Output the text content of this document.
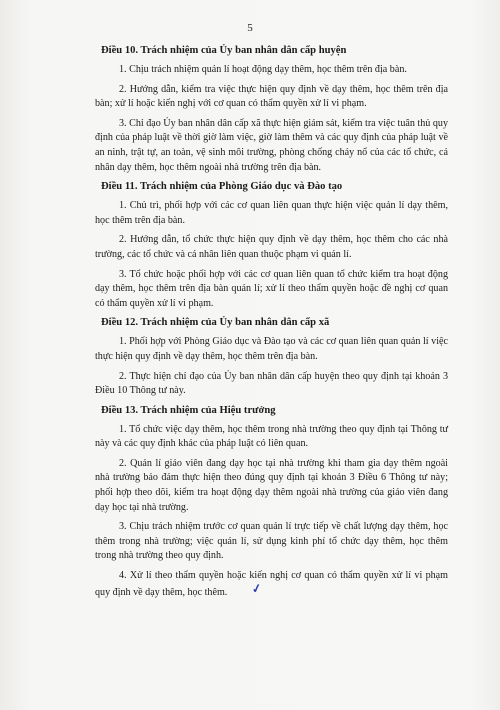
5
Điều 10. Trách nhiệm của Ủy ban nhân dân cấp huyện

1. Chịu trách nhiệm quản lí hoạt động dạy thêm, học thêm trên địa bàn.

2. Hướng dẫn, kiểm tra việc thực hiện quy định về dạy thêm, học thêm trên địa bàn; xử lí hoặc kiến nghị với cơ quan có thẩm quyền xử lí vi phạm.

3. Chỉ đạo Ủy ban nhân dân cấp xã thực hiện giám sát, kiểm tra việc tuân thủ quy định của pháp luật về thời giờ làm việc, giờ làm thêm và các quy định của pháp luật về an ninh, trật tự, an toàn, vệ sinh môi trường, phòng chống cháy nổ của các tổ chức, cá nhân dạy thêm, học thêm ngoài nhà trường trên địa bàn.

Điều 11. Trách nhiệm của Phòng Giáo dục và Đào tạo

1. Chủ trì, phối hợp với các cơ quan liên quan thực hiện việc quản lí dạy thêm, học thêm trên địa bàn.

2. Hướng dẫn, tổ chức thực hiện quy định về dạy thêm, học thêm cho các nhà trường, các tổ chức và cá nhân liên quan thuộc phạm vi quản lí.

3. Tổ chức hoặc phối hợp với các cơ quan liên quan tổ chức kiểm tra hoạt động dạy thêm, học thêm trên địa bàn quản lí; xử lí theo thẩm quyền hoặc đề nghị cơ quan có thẩm quyền xử lí vi phạm.

Điều 12. Trách nhiệm của Ủy ban nhân dân cấp xã

1. Phối hợp với Phòng Giáo dục và Đào tạo và các cơ quan liên quan quản lí việc thực hiện quy định về dạy thêm, học thêm trên địa bàn.

2. Thực hiện chỉ đạo của Ủy ban nhân dân cấp huyện theo quy định tại khoản 3 Điều 10 Thông tư này.

Điều 13. Trách nhiệm của Hiệu trưởng

1. Tổ chức việc dạy thêm, học thêm trong nhà trường theo quy định tại Thông tư này và các quy định khác của pháp luật có liên quan.

2. Quản lí giáo viên đang dạy học tại nhà trường khi tham gia dạy thêm ngoài nhà trường bảo đảm thực hiện theo đúng quy định tại khoản 3 Điều 6 Thông tư này; phối hợp theo dõi, kiểm tra hoạt động dạy thêm ngoài nhà trường của giáo viên đang dạy học tại nhà trường.

3. Chịu trách nhiệm trước cơ quan quản lí trực tiếp về chất lượng dạy thêm, học thêm trong nhà trường; việc quản lí, sử dụng kinh phí tổ chức dạy thêm, học thêm trong nhà trường theo quy định.

4. Xử lí theo thẩm quyền hoặc kiến nghị cơ quan có thẩm quyền xử lí vi phạm quy định về dạy thêm, học thêm. ✓
